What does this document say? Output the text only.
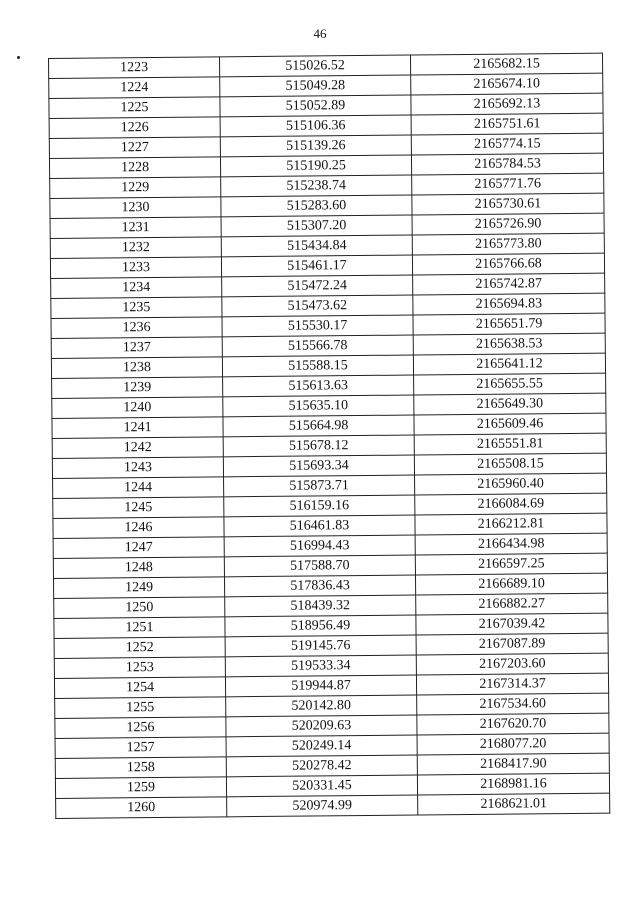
46
1223	515026.52	2165682.15
1224	515049.28	2165674.10
1225	515052.89	2165692.13
1226	515106.36	2165751.61
1227	515139.26	2165774.15
1228	515190.25	2165784.53
1229	515238.74	2165771.76
1230	515283.60	2165730.61
1231	515307.20	2165726.90
1232	515434.84	2165773.80
1233	515461.17	2165766.68
1234	515472.24	2165742.87
1235	515473.62	2165694.83
1236	515530.17	2165651.79
1237	515566.78	2165638.53
1238	515588.15	2165641.12
1239	515613.63	2165655.55
1240	515635.10	2165649.30
1241	515664.98	2165609.46
1242	515678.12	2165551.81
1243	515693.34	2165508.15
1244	515873.71	2165960.40
1245	516159.16	2166084.69
1246	516461.83	2166212.81
1247	516994.43	2166434.98
1248	517588.70	2166597.25
1249	517836.43	2166689.10
1250	518439.32	2166882.27
1251	518956.49	2167039.42
1252	519145.76	2167087.89
1253	519533.34	2167203.60
1254	519944.87	2167314.37
1255	520142.80	2167534.60
1256	520209.63	2167620.70
1257	520249.14	2168077.20
1258	520278.42	2168417.90
1259	520331.45	2168981.16
1260	520974.99	2168621.01
